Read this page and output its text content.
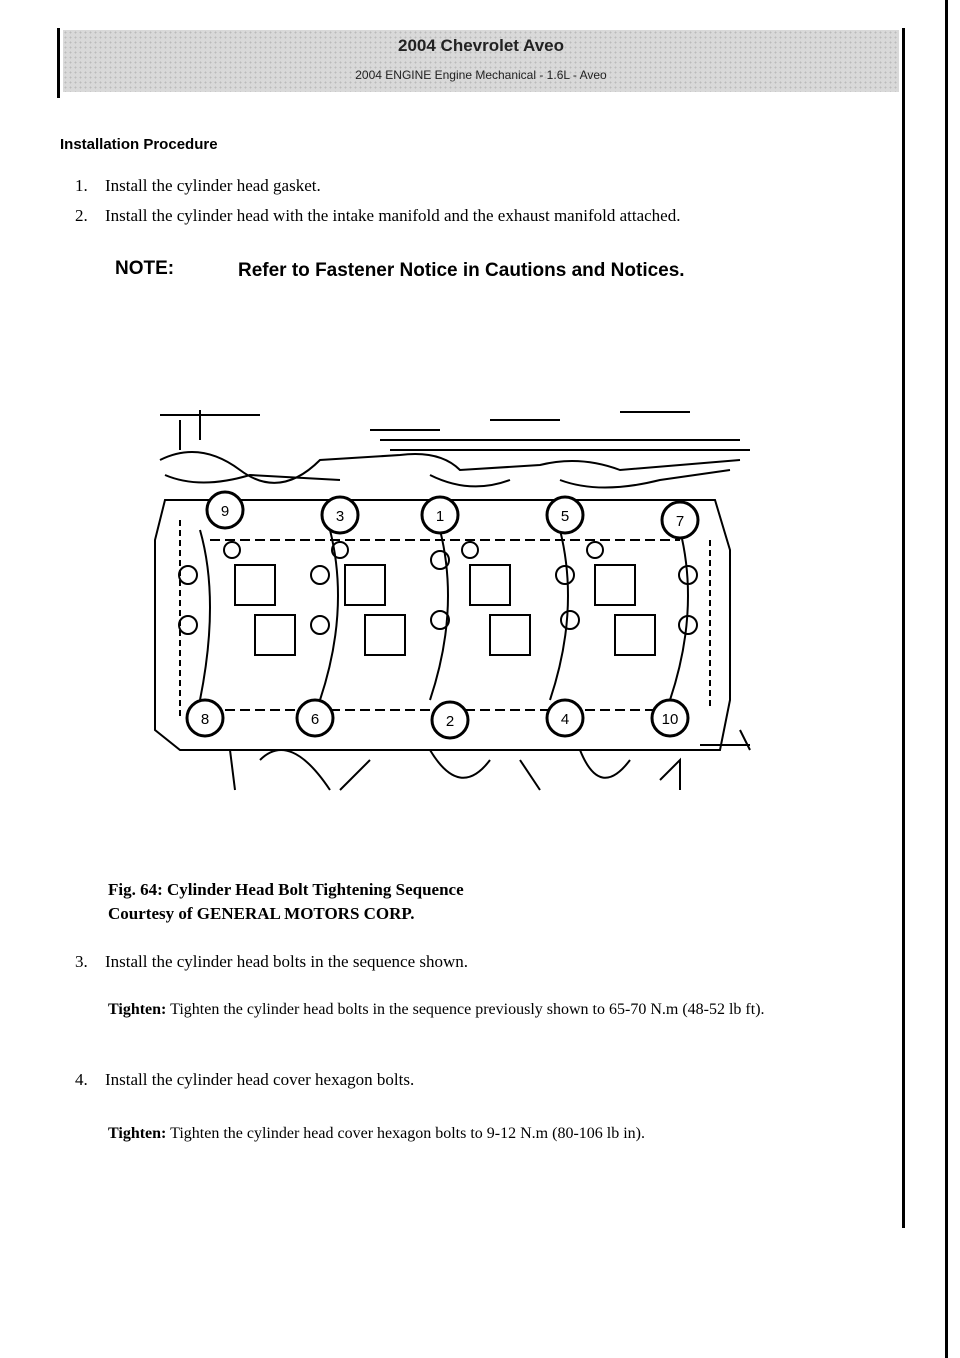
2004 Chevrolet Aveo
2004 ENGINE Engine Mechanical - 1.6L - Aveo
Installation Procedure
1. Install the cylinder head gasket.
2. Install the cylinder head with the intake manifold and the exhaust manifold attached.
NOTE:	Refer to Fastener Notice in Cautions and Notices.
9	3	1	5	7
8	6	2	4	10
Fig. 64: Cylinder Head Bolt Tightening Sequence
Courtesy of GENERAL MOTORS CORP.
3. Install the cylinder head bolts in the sequence shown.
Tighten: Tighten the cylinder head bolts in the sequence previously shown to 65-70 N.m (48-52 lb ft).
4. Install the cylinder head cover hexagon bolts.
Tighten: Tighten the cylinder head cover hexagon bolts to 9-12 N.m (80-106 lb in).
